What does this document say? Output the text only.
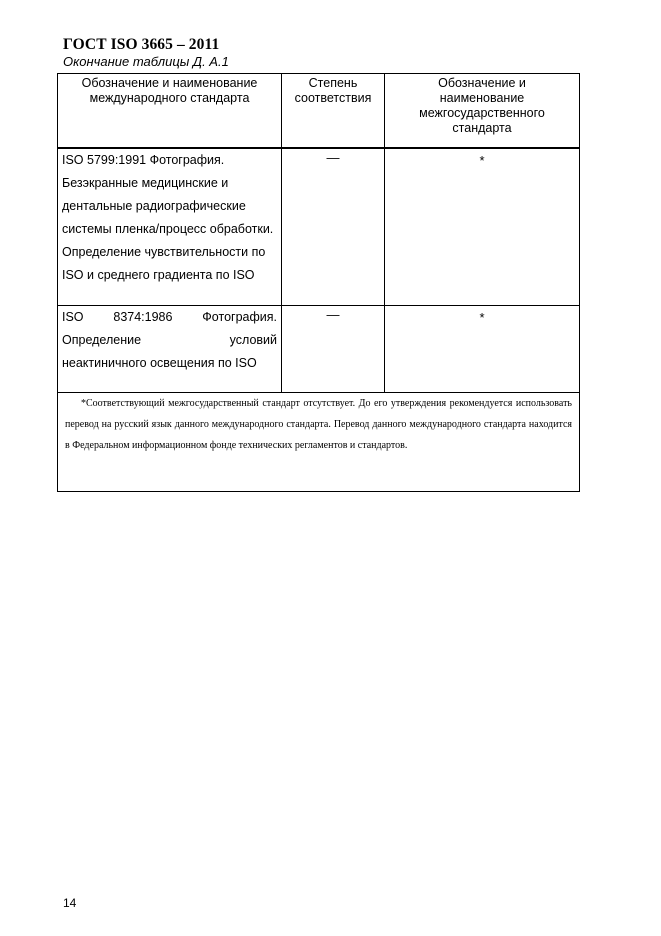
ГОСТ ISO 3665 – 2011
Окончание таблицы Д. А.1
Обозначение и наименование международного стандарта	Степень соответствия	Обозначение и наименование межгосударственного стандарта

ISO 5799:1991 Фотография. Безэкранные медицинские и дентальные радиографические системы пленка/процесс обработки. Определение чувствительности по ISO и среднего градиента по ISO	—	*
ISO 8374:1986 Фотография. Определение условий неактиничного освещения по ISO	—	*

*Соответствующий межгосударственный стандарт отсутствует. До его утверждения рекомендуется использовать перевод на русский язык данного международного стандарта. Перевод данного международного стандарта находится в Федеральном информационном фонде технических регламентов и стандартов.		
14
